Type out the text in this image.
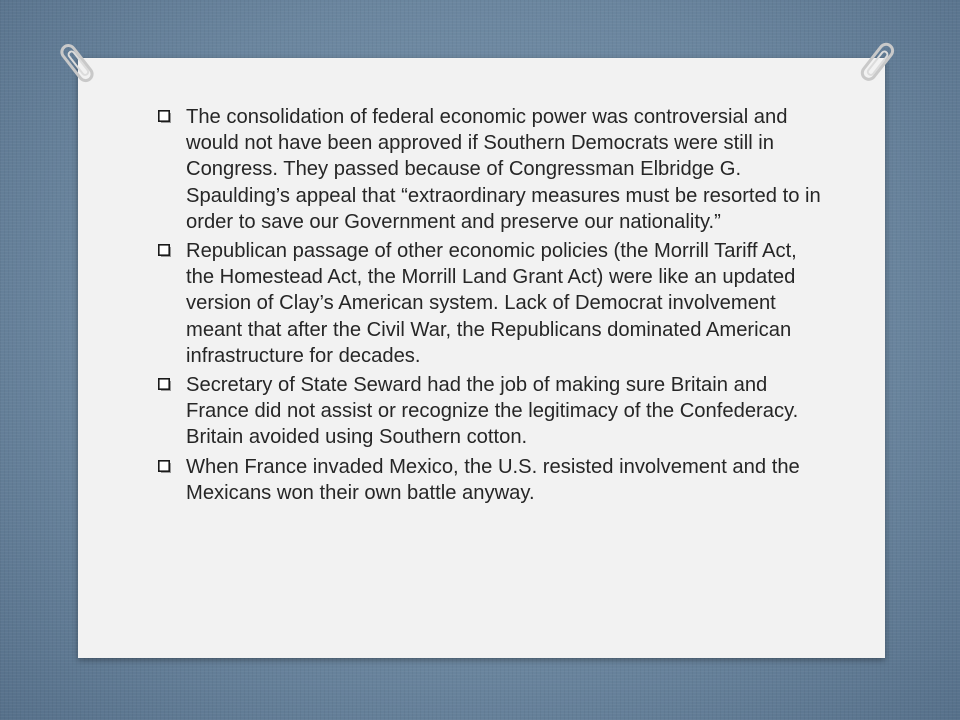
The consolidation of federal economic power was controversial and would not have been approved if Southern Democrats were still in Congress. They passed because of Congressman Elbridge G. Spaulding’s appeal that “extraordinary measures must be resorted to in order to save our Government and preserve our nationality.”
Republican passage of other economic policies (the Morrill Tariff Act, the Homestead Act, the Morrill Land Grant Act) were like an updated version of Clay’s American system. Lack of Democrat involvement meant that after the Civil War, the Republicans dominated American infrastructure for decades.
Secretary of State Seward had the job of making sure Britain and France did not assist or recognize the legitimacy of the Confederacy. Britain avoided using Southern cotton.
When France invaded Mexico, the U.S. resisted involvement and the Mexicans won their own battle anyway.
